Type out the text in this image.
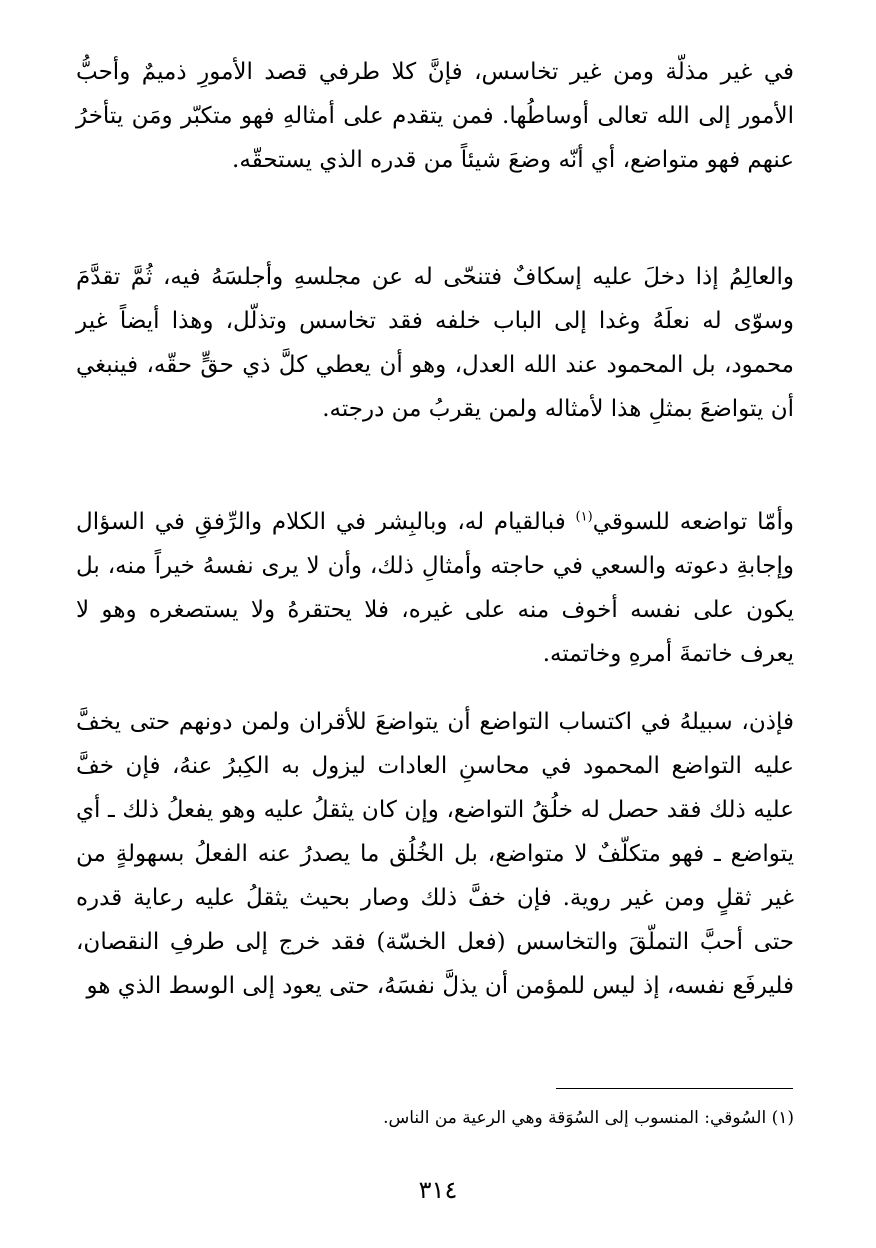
في غير مذلّة ومن غير تخاسس، فإنَّ كلا طرفي قصد الأمورِ ذميمٌ وأحبُّ الأمور إلى الله تعالى أوساطُها. فمن يتقدم على أمثالهِ فهو متكبّر ومَن يتأخرُ عنهم فهو متواضع، أي أنّه وضعَ شيئاً من قدره الذي يستحقّه.

والعالِمُ إذا دخلَ عليه إسكافٌ فتنحّى له عن مجلسهِ وأجلسَهُ فيه، ثُمَّ تقدَّمَ وسوّى له نعلَهُ وغدا إلى الباب خلفه فقد تخاسس وتذلّل، وهذا أيضاً غير محمود، بل المحمود عند الله العدل، وهو أن يعطي كلَّ ذي حقٍّ حقّه، فينبغي أن يتواضعَ بمثلِ هذا لأمثاله ولمن يقربُ من درجته.

وأمّا تواضعه للسوقي$^{(١)}$ فبالقيام له، وبالبِشر في الكلام والرِّفقِ في السؤال وإجابةِ دعوته والسعي في حاجته وأمثالِ ذلك، وأن لا يرى نفسهُ خيراً منه، بل يكون على نفسه أخوف منه على غيره، فلا يحتقرهُ ولا يستصغره وهو لا يعرف خاتمةَ أمرهِ وخاتمته.

فإذن، سبيلهُ في اكتساب التواضع أن يتواضعَ للأقران ولمن دونهم حتى يخفَّ عليه التواضع المحمود في محاسنِ العادات ليزول به الكِبرُ عنهُ، فإن خفَّ عليه ذلك فقد حصل له خلُقُ التواضع، وإن كان يثقلُ عليه وهو يفعلُ ذلك ـ أي يتواضع ـ فهو متكلّفٌ لا متواضع، بل الخُلُق ما يصدرُ عنه الفعلُ بسهولةٍ من غير ثقلٍ ومن غير روية. فإن خفَّ ذلك وصار بحيث يثقلُ عليه رعاية قدره حتى أحبَّ التملّقَ والتخاسس (فعل الخسّة) فقد خرج إلى طرفِ النقصان، فليرفَع نفسه، إذ ليس للمؤمن أن يذلَّ نفسَهُ، حتى يعود إلى الوسط الذي هو

(١) السُوقي: المنسوب إلى السُوَقة وهي الرعية من الناس.

٣١٤
